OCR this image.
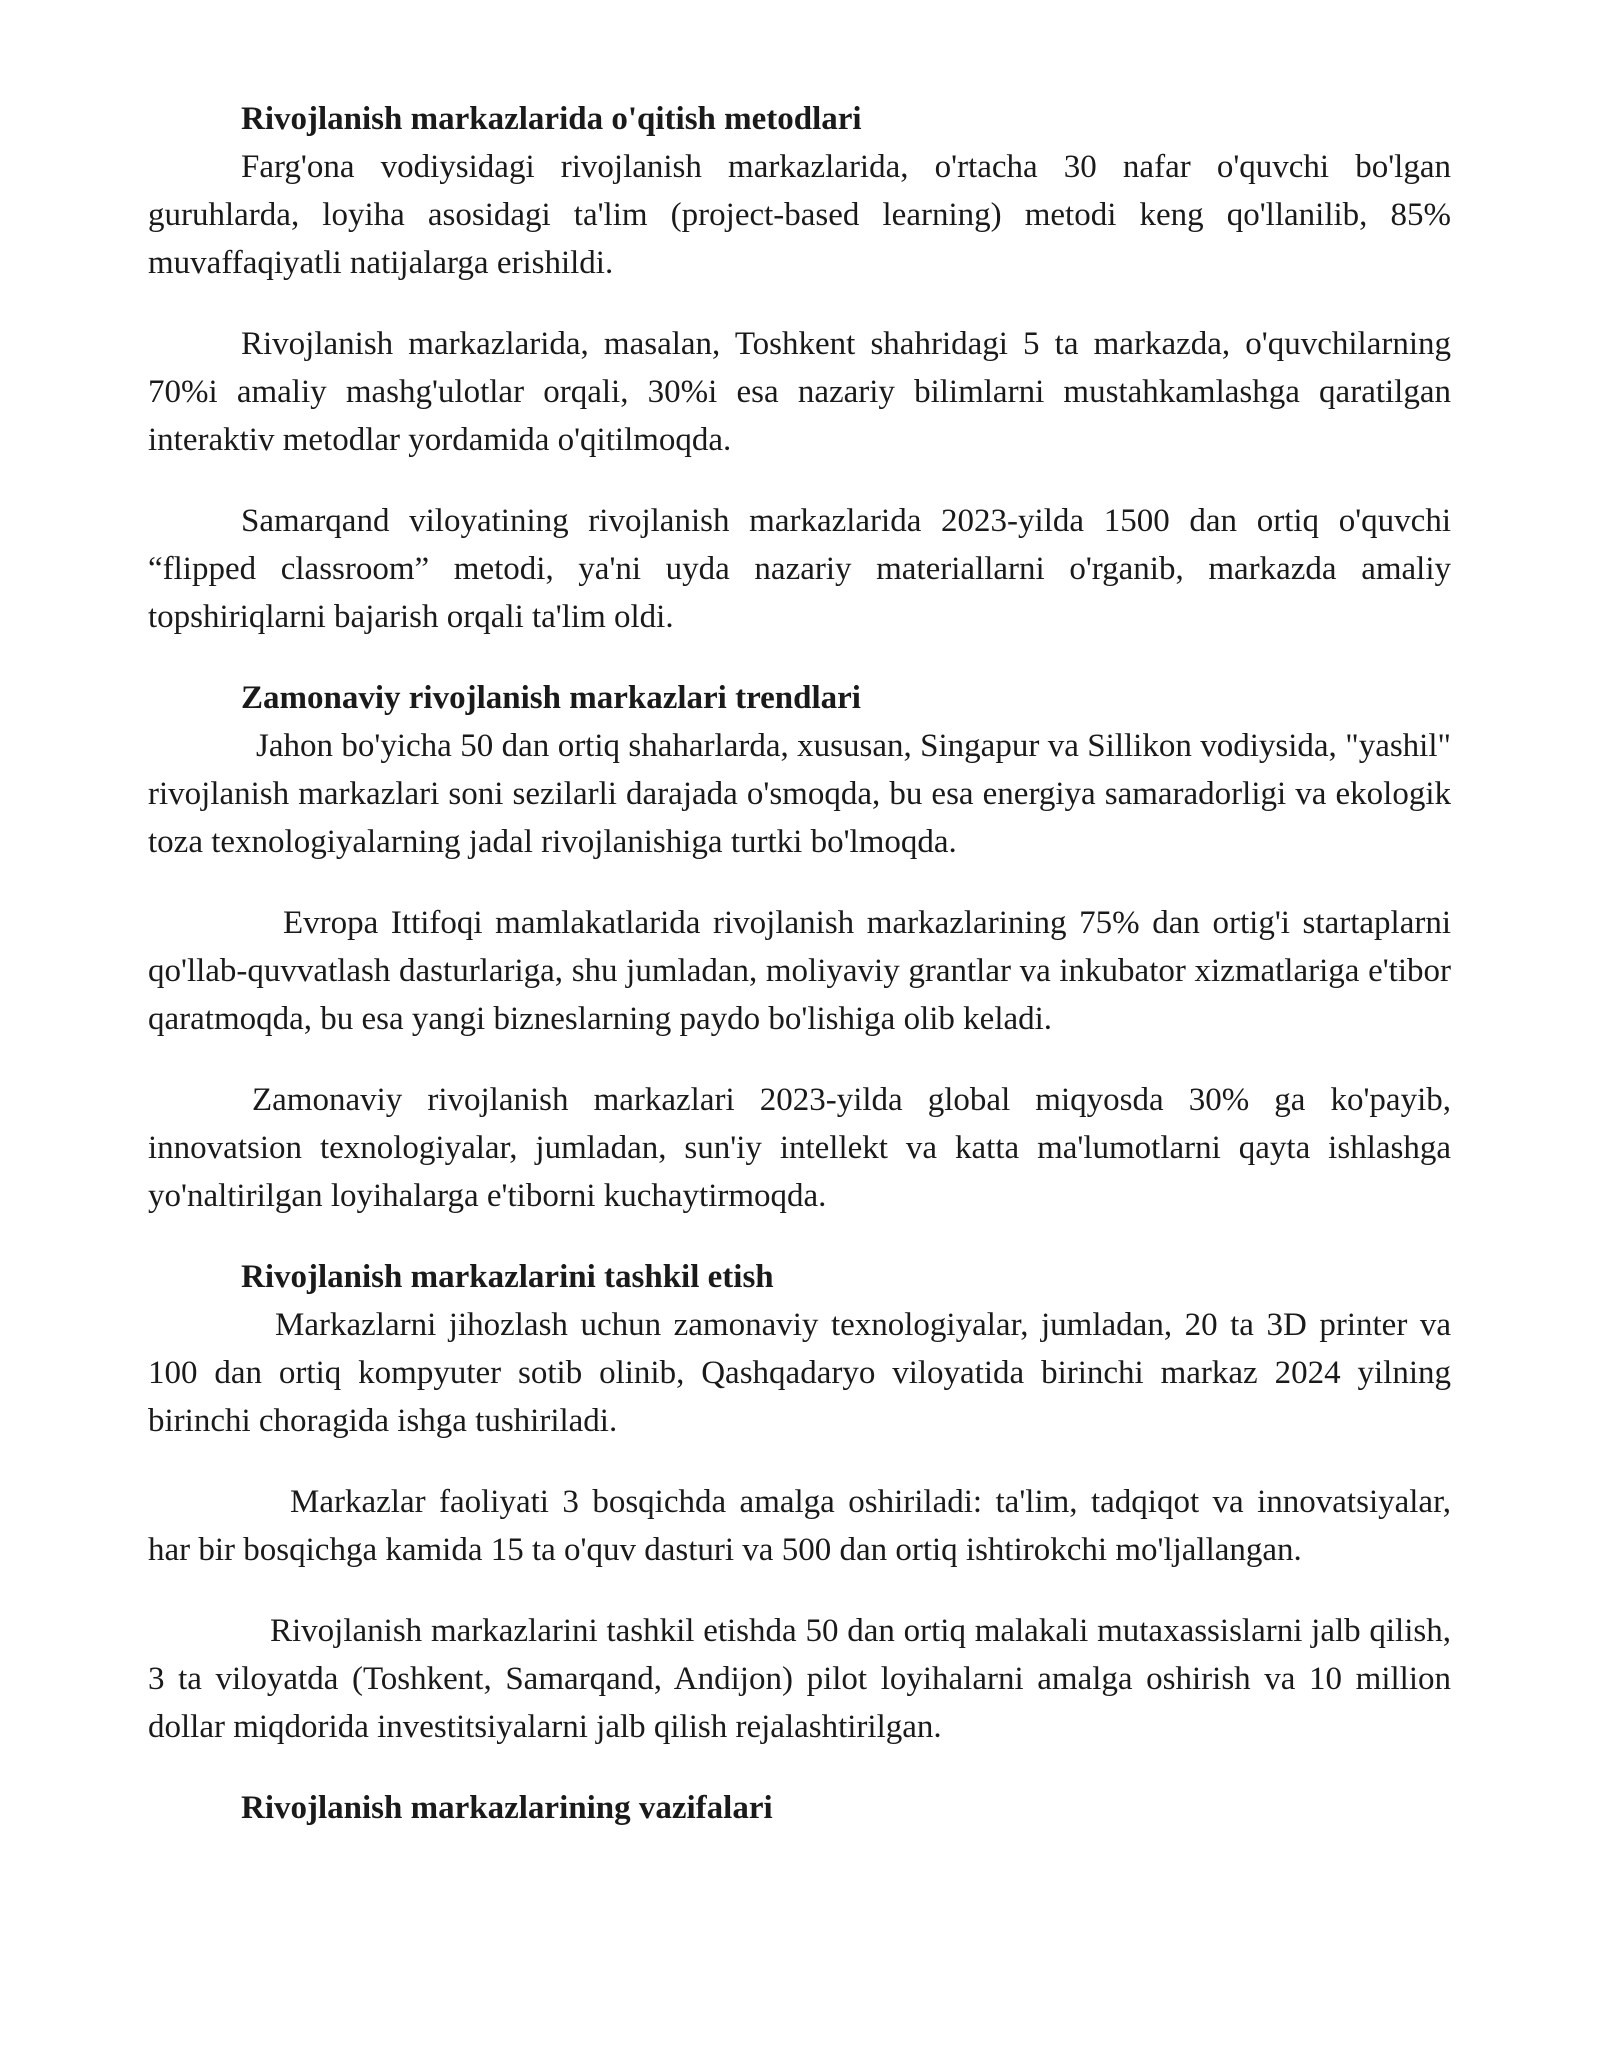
Rivojlanish markazlarida o'qitish metodlari

Farg'ona vodiysidagi rivojlanish markazlarida, o'rtacha 30 nafar o'quvchi bo'lgan guruhlarda, loyiha asosidagi ta'lim (project-based learning) metodi keng qo'llanilib, 85% muvaffaqiyatli natijalarga erishildi.

Rivojlanish markazlarida, masalan, Toshkent shahridagi 5 ta markazda, o'quvchilarning 70%i amaliy mashg'ulotlar orqali, 30%i esa nazariy bilimlarni mustahkamlashga qaratilgan interaktiv metodlar yordamida o'qitilmoqda.

Samarqand viloyatining rivojlanish markazlarida 2023-yilda 1500 dan ortiq o'quvchi “flipped classroom” metodi, ya'ni uyda nazariy materiallarni o'rganib, markazda amaliy topshiriqlarni bajarish orqali ta'lim oldi.

Zamonaviy rivojlanish markazlari trendlari

Jahon bo'yicha 50 dan ortiq shaharlarda, xususan, Singapur va Sillikon vodiysida, "yashil" rivojlanish markazlari soni sezilarli darajada o'smoqda, bu esa energiya samaradorligi va ekologik toza texnologiyalarning jadal rivojlanishiga turtki bo'lmoqda.

Evropa Ittifoqi mamlakatlarida rivojlanish markazlarining 75% dan ortig'i startaplarni qo'llab-quvvatlash dasturlariga, shu jumladan, moliyaviy grantlar va inkubator xizmatlariga e'tibor qaratmoqda, bu esa yangi bizneslarning paydo bo'lishiga olib keladi.

Zamonaviy rivojlanish markazlari 2023-yilda global miqyosda 30% ga ko'payib, innovatsion texnologiyalar, jumladan, sun'iy intellekt va katta ma'lumotlarni qayta ishlashga yo'naltirilgan loyihalarga e'tiborni kuchaytirmoqda.

Rivojlanish markazlarini tashkil etish

Markazlarni jihozlash uchun zamonaviy texnologiyalar, jumladan, 20 ta 3D printer va 100 dan ortiq kompyuter sotib olinib, Qashqadaryo viloyatida birinchi markaz 2024 yilning birinchi choragida ishga tushiriladi.

Markazlar faoliyati 3 bosqichda amalga oshiriladi: ta'lim, tadqiqot va innovatsiyalar, har bir bosqichga kamida 15 ta o'quv dasturi va 500 dan ortiq ishtirokchi mo'ljallangan.

Rivojlanish markazlarini tashkil etishda 50 dan ortiq malakali mutaxassislarni jalb qilish, 3 ta viloyatda (Toshkent, Samarqand, Andijon) pilot loyihalarni amalga oshirish va 10 million dollar miqdorida investitsiyalarni jalb qilish rejalashtirilgan.

Rivojlanish markazlarining vazifalari
